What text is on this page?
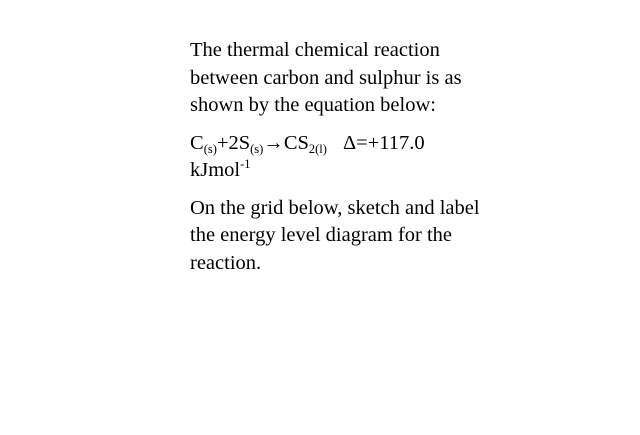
The thermal chemical reaction between carbon and sulphur is as shown by the equation below:

$C_{(s)}+2S_{(s)}\to CS_{2(l)}$ Δ=+117.0
kJmol$^{-1}$

On the grid below, sketch and label the energy level diagram for the reaction.
